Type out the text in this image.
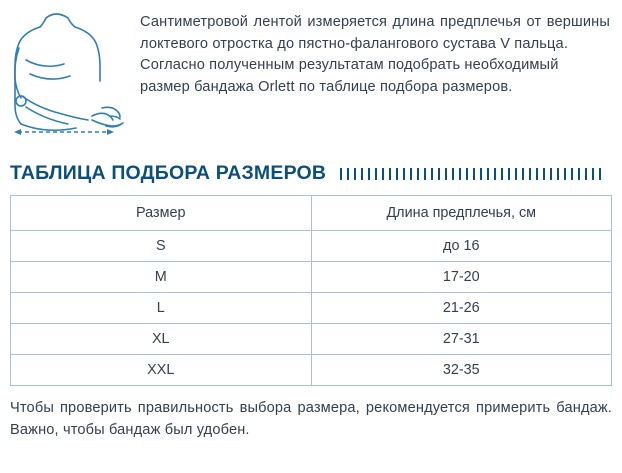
Сантиметровой лентой измеряется длина предплечья от вершины локтевого отростка до пястно-фалангового сустава V пальца.

Согласно полученным результатам подобрать необходимый размер бандажа Orlett по таблице подбора размеров.

ТАБЛИЦА ПОДБОРА РАЗМЕРОВ
Размер	Длина предплечья, см
S	до 16
M	17-20
L	21-26
XL	27-31
XXL	32-35

Чтобы проверить правильность выбора размера, рекомендуется примерить бандаж. Важно, чтобы бандаж был удобен.
